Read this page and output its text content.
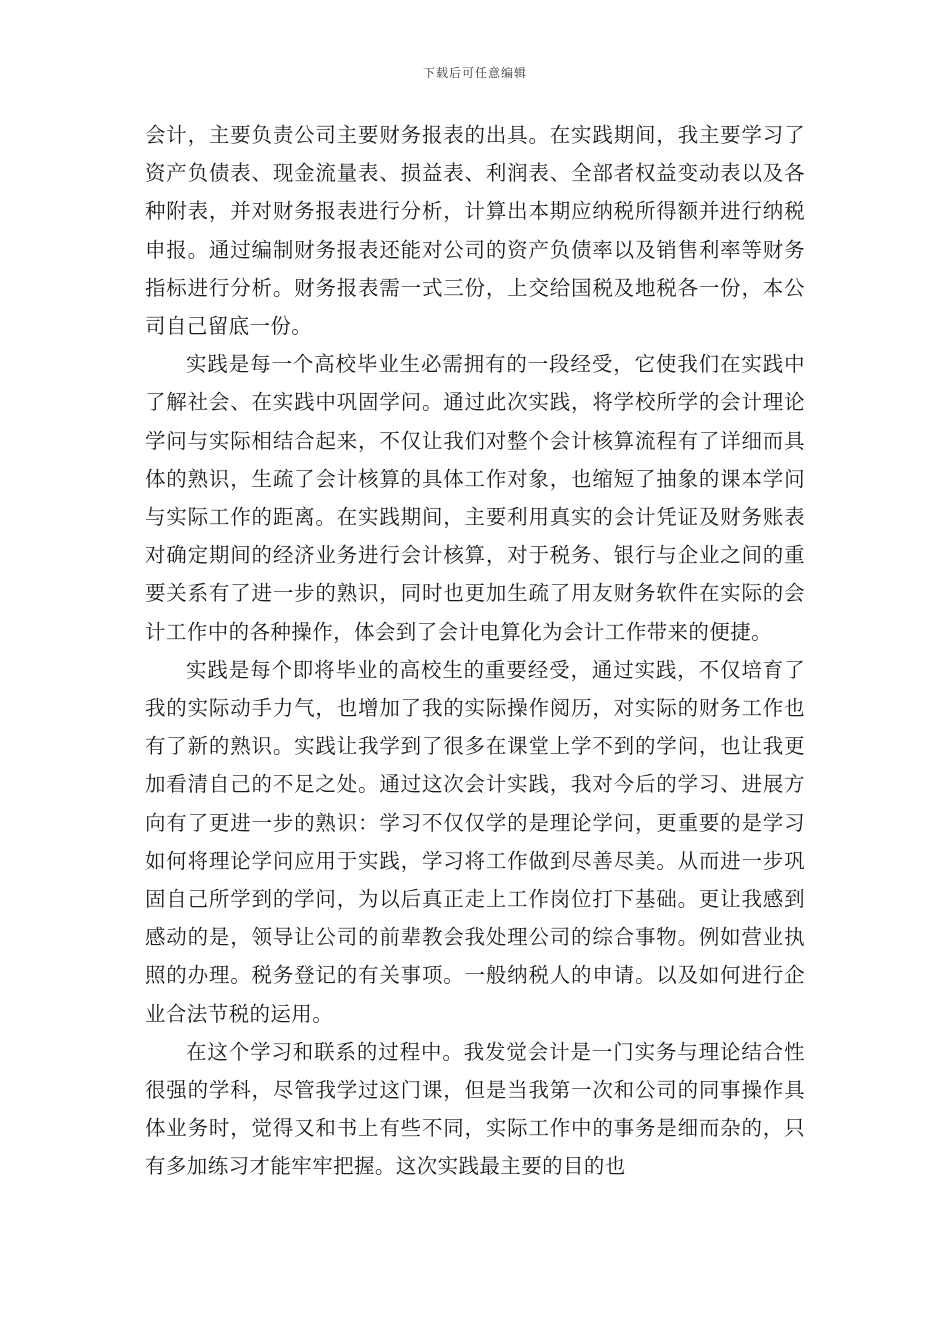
下载后可任意编辑

会计，主要负责公司主要财务报表的出具。在实践期间，我主要学习了资产负债表、现金流量表、损益表、利润表、全部者权益变动表以及各种附表，并对财务报表进行分析，计算出本期应纳税所得额并进行纳税申报。通过编制财务报表还能对公司的资产负债率以及销售利率等财务指标进行分析。财务报表需一式三份，上交给国税及地税各一份，本公司自己留底一份。

实践是每一个高校毕业生必需拥有的一段经受，它使我们在实践中了解社会、在实践中巩固学问。通过此次实践，将学校所学的会计理论学问与实际相结合起来，不仅让我们对整个会计核算流程有了详细而具体的熟识，生疏了会计核算的具体工作对象，也缩短了抽象的课本学问与实际工作的距离。在实践期间，主要利用真实的会计凭证及财务账表对确定期间的经济业务进行会计核算，对于税务、银行与企业之间的重要关系有了进一步的熟识，同时也更加生疏了用友财务软件在实际的会计工作中的各种操作，体会到了会计电算化为会计工作带来的便捷。

实践是每个即将毕业的高校生的重要经受，通过实践，不仅培育了我的实际动手力气，也增加了我的实际操作阅历，对实际的财务工作也有了新的熟识。实践让我学到了很多在课堂上学不到的学问，也让我更加看清自己的不足之处。通过这次会计实践，我对今后的学习、进展方向有了更进一步的熟识：学习不仅仅学的是理论学问，更重要的是学习如何将理论学问应用于实践，学习将工作做到尽善尽美。从而进一步巩固自己所学到的学问，为以后真正走上工作岗位打下基础。更让我感到感动的是，领导让公司的前辈教会我处理公司的综合事物。例如营业执照的办理。税务登记的有关事项。一般纳税人的申请。以及如何进行企业合法节税的运用。

在这个学习和联系的过程中。我发觉会计是一门实务与理论结合性很强的学科，尽管我学过这门课，但是当我第一次和公司的同事操作具体业务时，觉得又和书上有些不同，实际工作中的事务是细而杂的，只有多加练习才能牢牢把握。这次实践最主要的目的也
